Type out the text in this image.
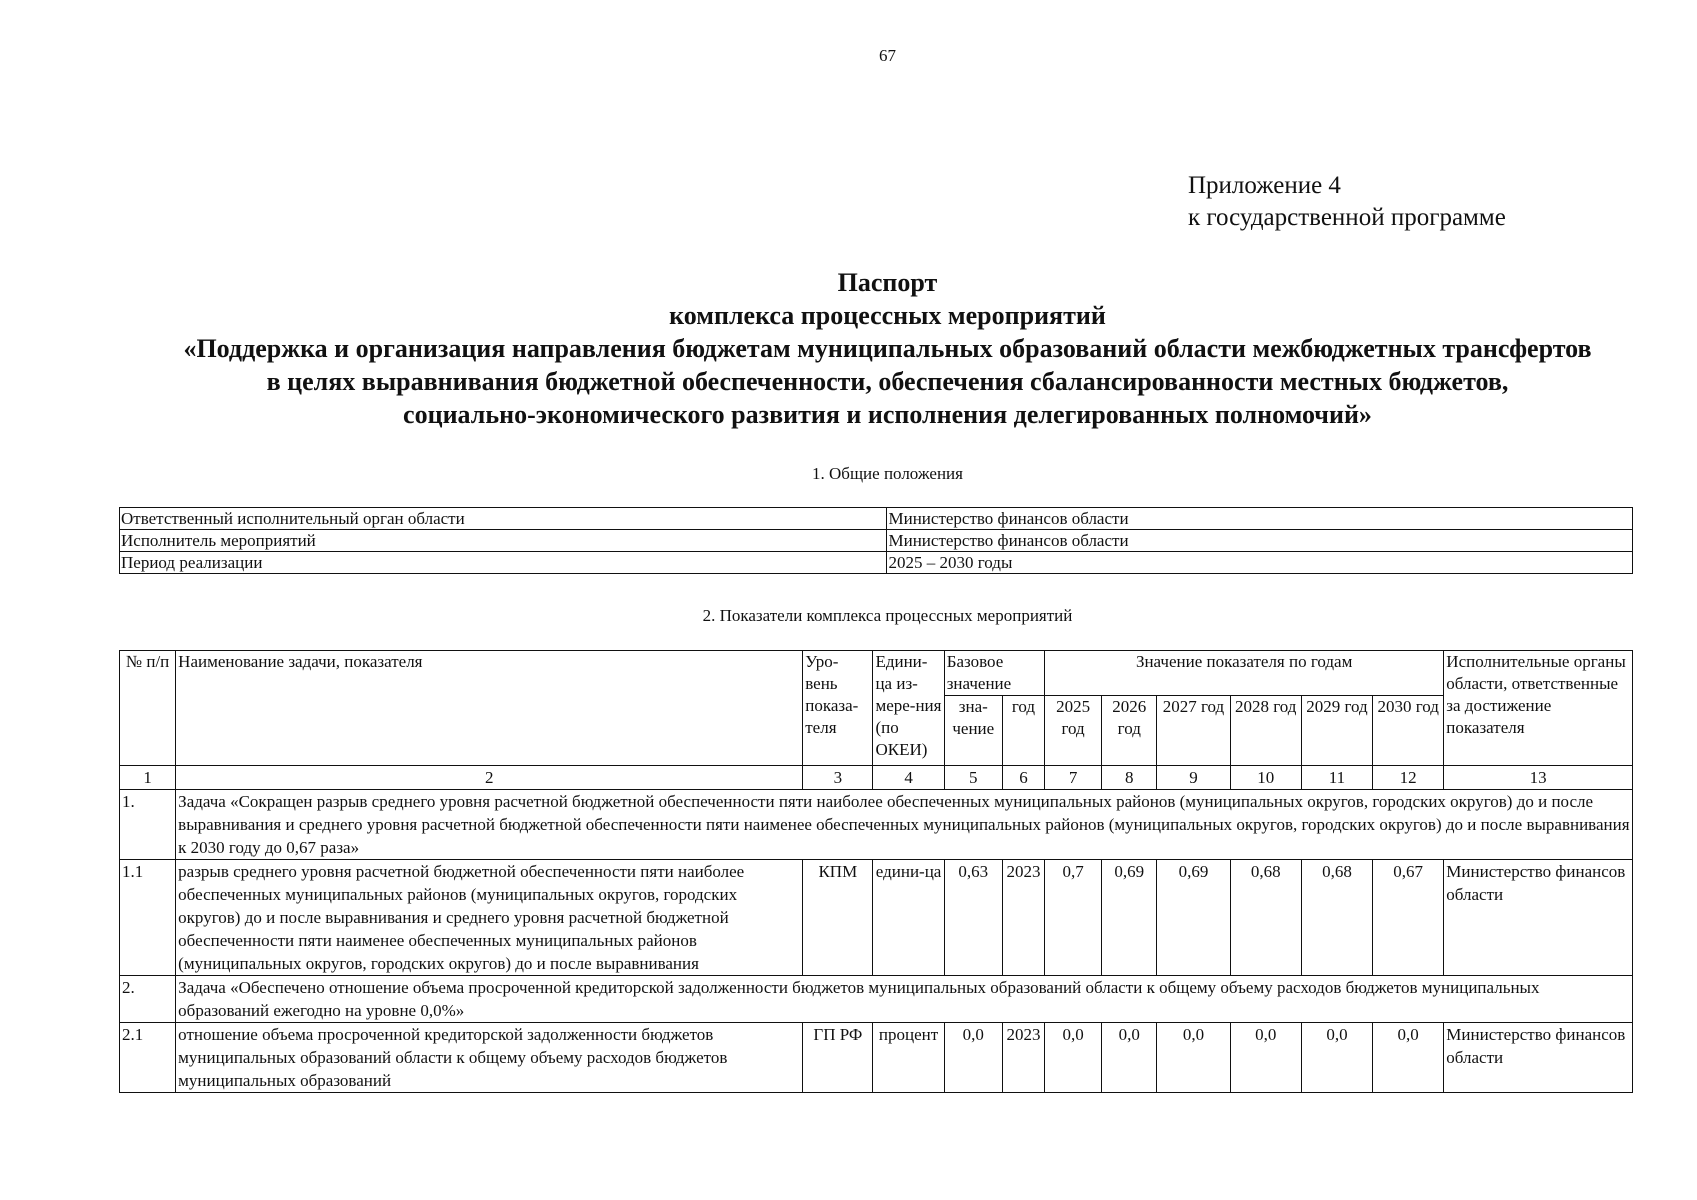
67
Приложение 4
к государственной программе
Паспорт
комплекса процессных мероприятий
«Поддержка и организация направления бюджетам муниципальных образований области межбюджетных трансфертов
в целях выравнивания бюджетной обеспеченности, обеспечения сбалансированности местных бюджетов,
социально-экономического развития и исполнения делегированных полномочий»
1. Общие положения
Ответственный исполнительный орган области	Министерство финансов области
Исполнитель мероприятий	Министерство финансов области
Период реализации	2025 – 2030 годы
2. Показатели комплекса процессных мероприятий
№ п/п	Наименование задачи, показателя	Уро-вень показа-теля	Едини-ца из-мере-ния (по ОКЕИ)	Базовое значение		Значение показателя по годам						Исполнительные органы области, ответственные за достижение показателя
				зна-чение	год	2025 год	2026 год	2027 год	2028 год	2029 год	2030 год	
1	2	3	4	5	6	7	8	9	10	11	12	13
1.	Задача «Сокращен разрыв среднего уровня расчетной бюджетной обеспеченности пяти наиболее обеспеченных муниципальных районов (муниципальных округов, городских округов) до и после выравнивания и среднего уровня расчетной бюджетной обеспеченности пяти наименее обеспеченных муниципальных районов (муниципальных округов, городских округов) до и после выравнивания к 2030 году до 0,67 раза»											
1.1	разрыв среднего уровня расчетной бюджетной обеспеченности пяти наиболее обеспеченных муниципальных районов (муниципальных округов, городских округов) до и после выравнивания и среднего уровня расчетной бюджетной обеспеченности пяти наименее обеспеченных муниципальных районов (муниципальных округов, городских округов) до и после выравнивания	КПМ	едини-ца	0,63	2023	0,7	0,69	0,69	0,68	0,68	0,67	Министерство финансов области
2.	Задача «Обеспечено отношение объема просроченной кредиторской задолженности бюджетов муниципальных образований области к общему объему расходов бюджетов муниципальных образований ежегодно на уровне 0,0%»											
2.1	отношение объема просроченной кредиторской задолженности бюджетов муниципальных образований области к общему объему расходов бюджетов муниципальных образований	ГП РФ	процент	0,0	2023	0,0	0,0	0,0	0,0	0,0	0,0	Министерство финансов области
